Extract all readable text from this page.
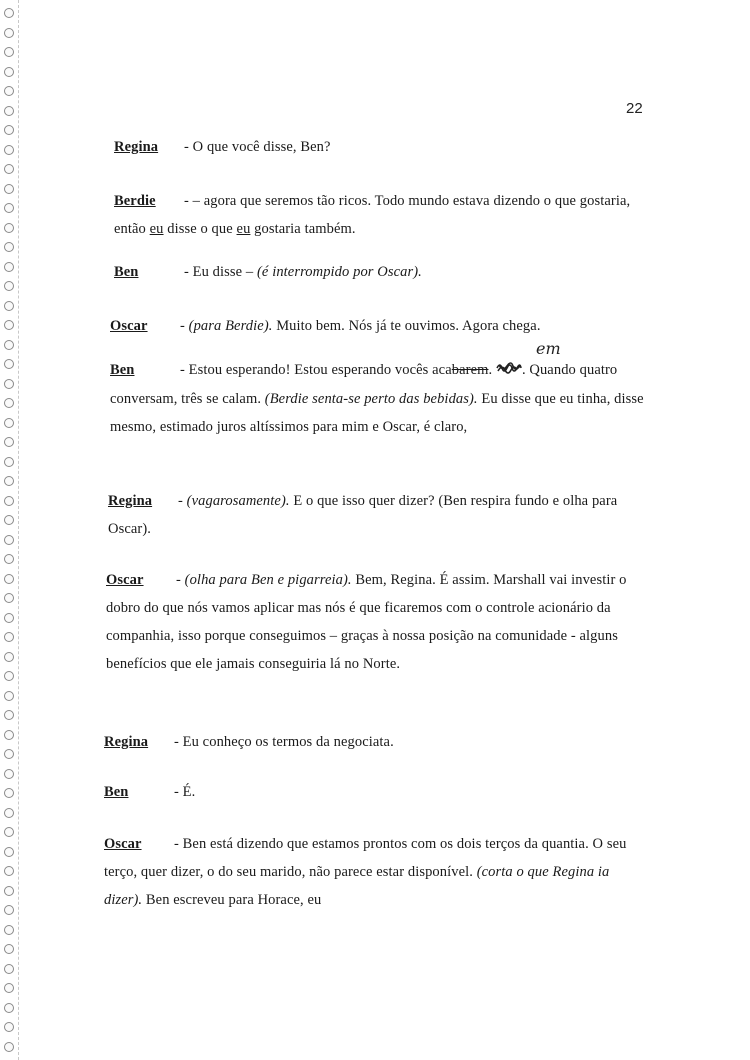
22
Regina - O que você disse, Ben?
Berdie - – agora que seremos tão ricos. Todo mundo estava dizendo o que gostaria, então eu disse o que eu gostaria também.
Ben	- Eu disse – (é interrompido por Oscar).
Oscar - (para Berdie). Muito bem. Nós já te ouvimos. Agora chega.
Ben	- Estou esperando! Estou esperando vocês acabarem. . Quando quatro conversam, três se calam. (Berdie senta-se perto das bebidas). Eu disse que eu tinha, disse mesmo, estimado juros altíssimos para mim e Oscar, é claro,
Regina - (vagarosamente). E o que isso quer dizer? (Ben respira fundo e olha para Oscar).
Oscar - (olha para Ben e pigarreia). Bem, Regina. É assim. Marshall vai investir o dobro do que nós vamos aplicar mas nós é que ficaremos com o controle acionário da companhia, isso porque conseguimos – graças à nossa posição na comunidade - alguns benefícios que ele jamais conseguiria lá no Norte.
Regina - Eu conheço os termos da negociata.
Ben	- É.
Oscar - Ben está dizendo que estamos prontos com os dois terços da quantia. O seu terço, quer dizer, o do seu marido, não parece estar disponível. (corta o que Regina ia dizer). Ben escreveu para Horace, eu
em
